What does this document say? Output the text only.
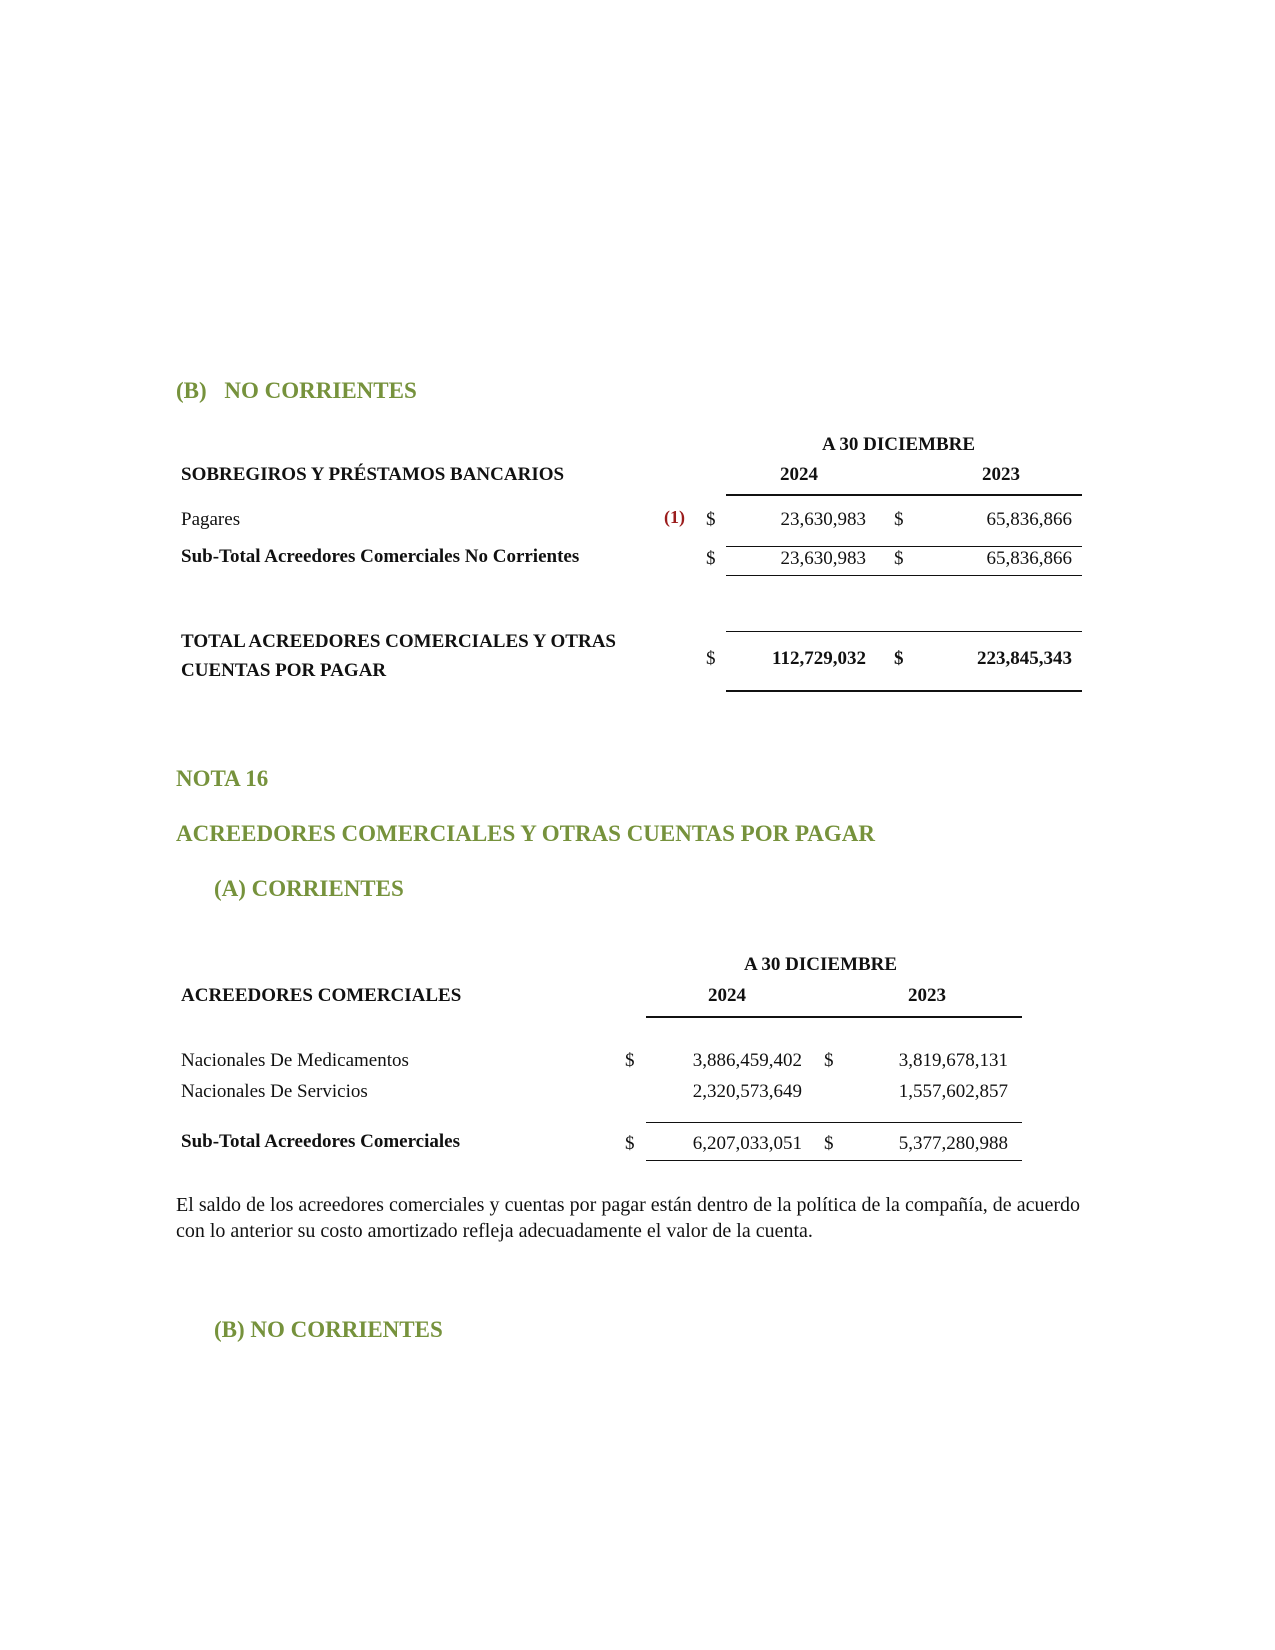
(B) NO CORRIENTES
A 30 DICIEMBRE
SOBREGIROS Y PRÉSTAMOS BANCARIOS	2024	2023
Pagares	(1) $	23,630,983 $	65,836,866
Sub-Total Acreedores Comerciales No Corrientes	$	23,630,983 $	65,836,866
TOTAL ACREEDORES COMERCIALES Y OTRAS
CUENTAS POR PAGAR
$	112,729,032 $	223,845,343
NOTA 16
ACREEDORES COMERCIALES Y OTRAS CUENTAS POR PAGAR
(A) CORRIENTES
A 30 DICIEMBRE
ACREEDORES COMERCIALES	2024	2023
Nacionales De Medicamentos	$	3,886,459,402 $	3,819,678,131
Nacionales De Servicios	2,320,573,649	1,557,602,857
Sub-Total Acreedores Comerciales	$	6,207,033,051 $	5,377,280,988
El saldo de los acreedores comerciales y cuentas por pagar están dentro de la política de la compañía, de acuerdo con lo anterior su costo amortizado refleja adecuadamente el valor de la cuenta.
(B) NO CORRIENTES
